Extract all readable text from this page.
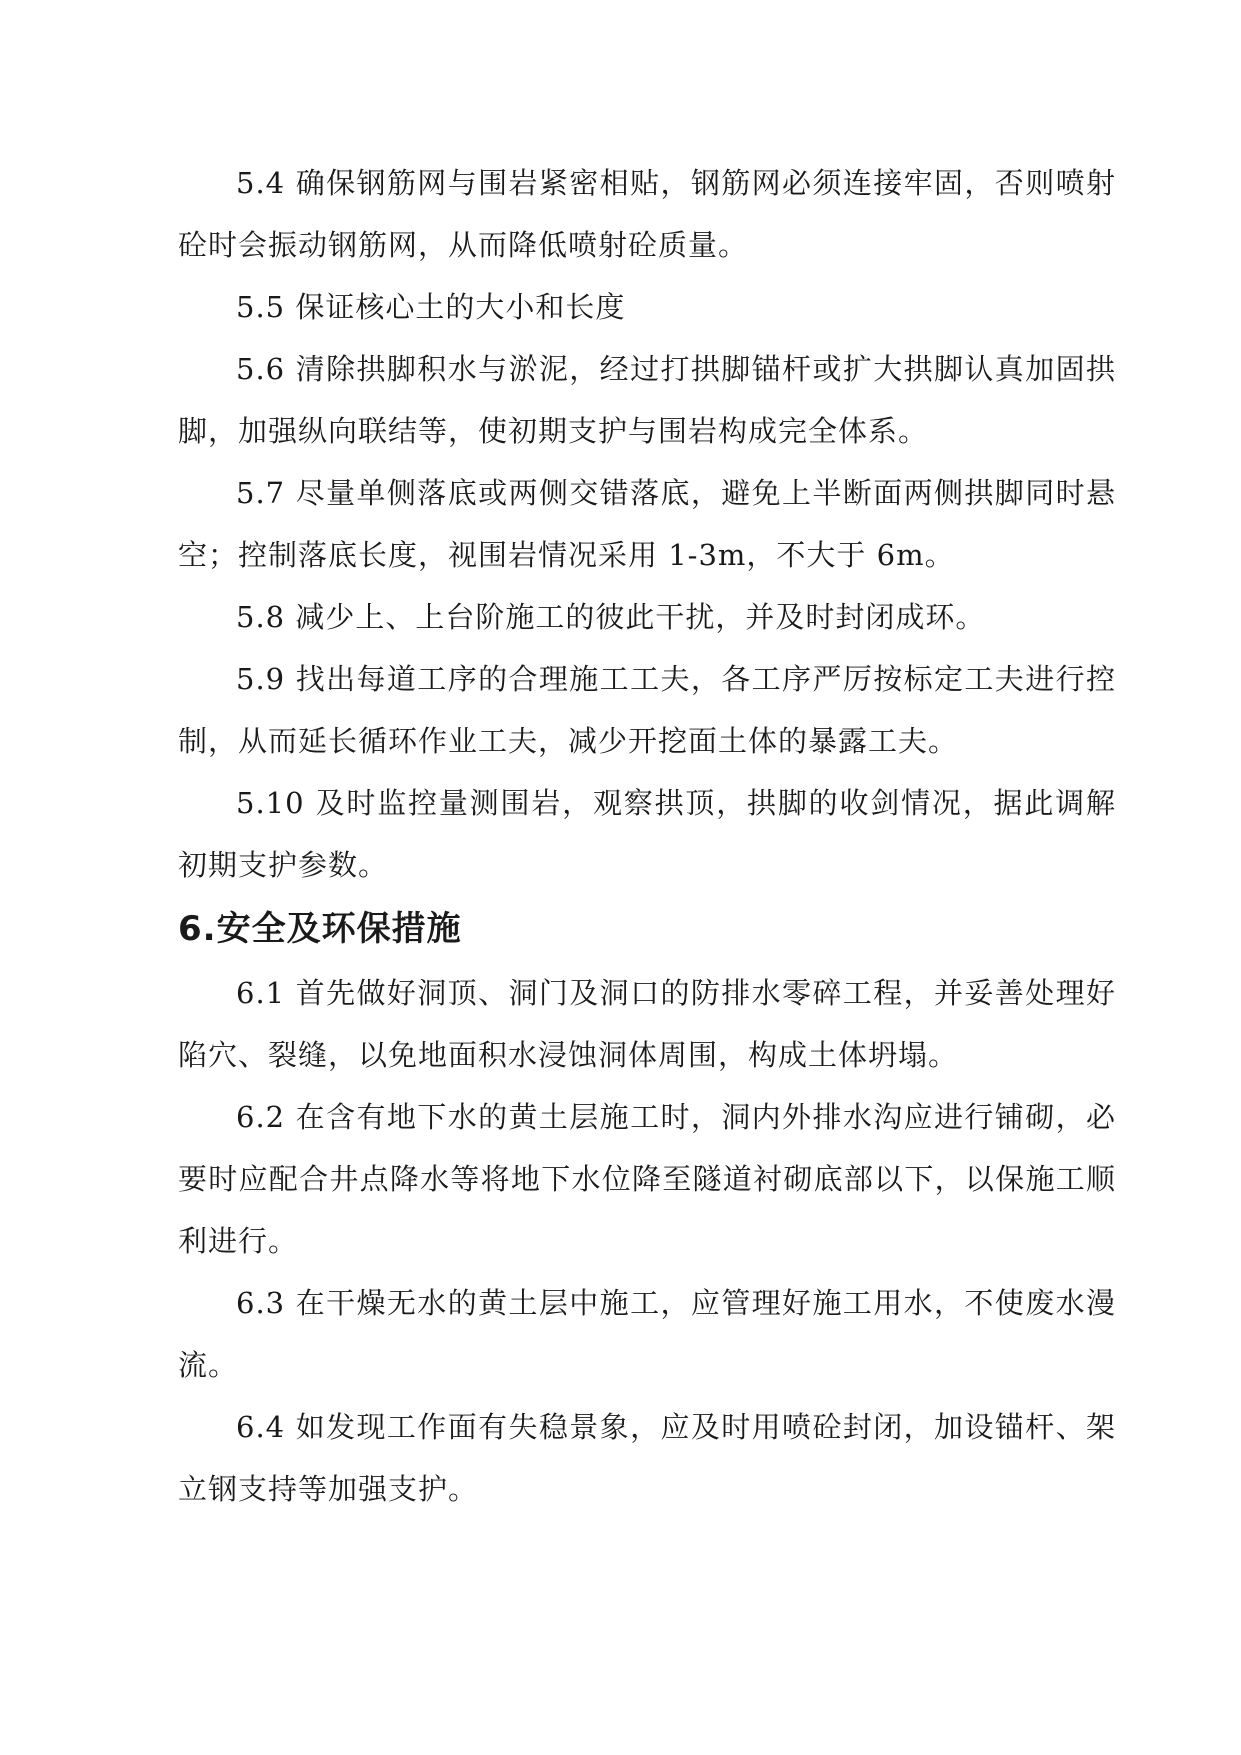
5.4 确保钢筋网与围岩紧密相贴，钢筋网必须连接牢固，否则喷射砼时会振动钢筋网，从而降低喷射砼质量。

5.5 保证核心土的大小和长度

5.6 清除拱脚积水与淤泥，经过打拱脚锚杆或扩大拱脚认真加固拱脚，加强纵向联结等，使初期支护与围岩构成完全体系。

5.7 尽量单侧落底或两侧交错落底，避免上半断面两侧拱脚同时悬空；控制落底长度，视围岩情况采用 1-3m，不大于 6m。

5.8 减少上、上台阶施工的彼此干扰，并及时封闭成环。

5.9 找出每道工序的合理施工工夫，各工序严厉按标定工夫进行控制，从而延长循环作业工夫，减少开挖面土体的暴露工夫。

5.10 及时监控量测围岩，观察拱顶，拱脚的收剑情况，据此调解初期支护参数。

6.安全及环保措施

6.1 首先做好洞顶、洞门及洞口的防排水零碎工程，并妥善处理好陷穴、裂缝，以免地面积水浸蚀洞体周围，构成土体坍塌。

6.2 在含有地下水的黄土层施工时，洞内外排水沟应进行铺砌，必要时应配合井点降水等将地下水位降至隧道衬砌底部以下，以保施工顺利进行。

6.3 在干燥无水的黄土层中施工，应管理好施工用水，不使废水漫流。

6.4 如发现工作面有失稳景象，应及时用喷砼封闭，加设锚杆、架立钢支持等加强支护。
